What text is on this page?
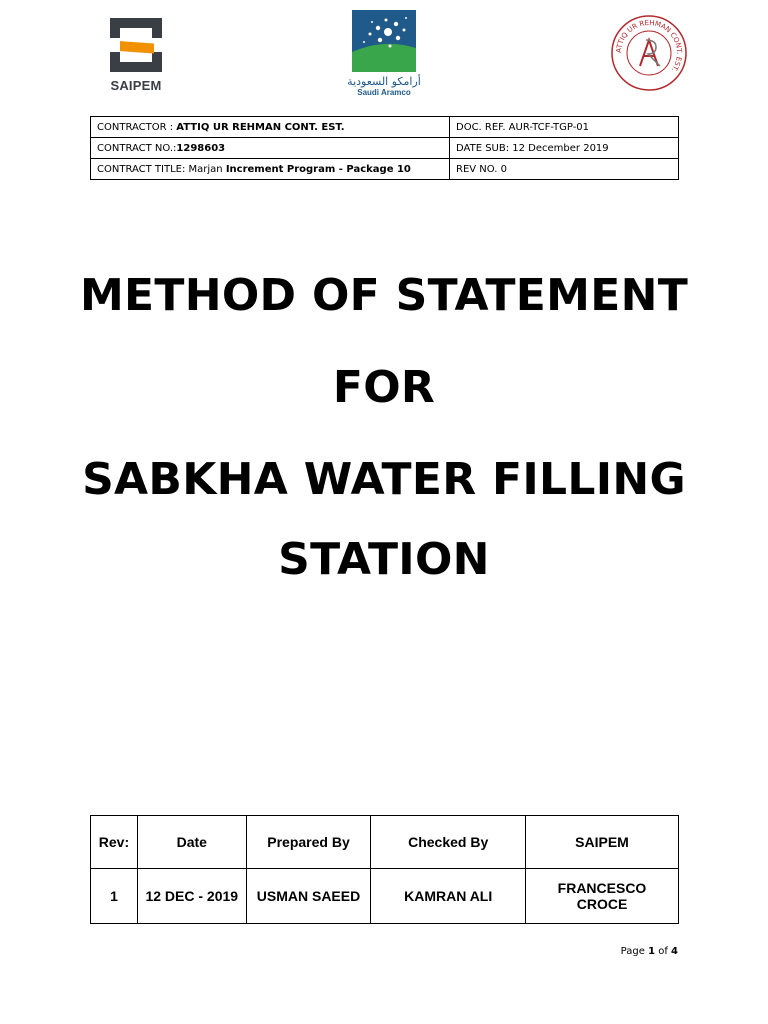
SAIPEM	أرامكو السعودية
Saudi Aramco
ATTIQ UR REHMAN CONT. EST.
CONTRACTOR : ATTIQ UR REHMAN CONT. EST.	DOC. REF. AUR-TCF-TGP-01
CONTRACT NO.:1298603	DATE SUB: 12 December 2019
CONTRACT TITLE: Marjan Increment Program - Package 10	REV NO. 0
METHOD OF STATEMENT
FOR
SABKHA WATER FILLING
STATION
Rev:	Date	Prepared By	Checked By	SAIPEM
1	12 DEC - 2019	USMAN SAEED	KAMRAN ALI	FRANCESCO CROCE
Page 1 of 4
